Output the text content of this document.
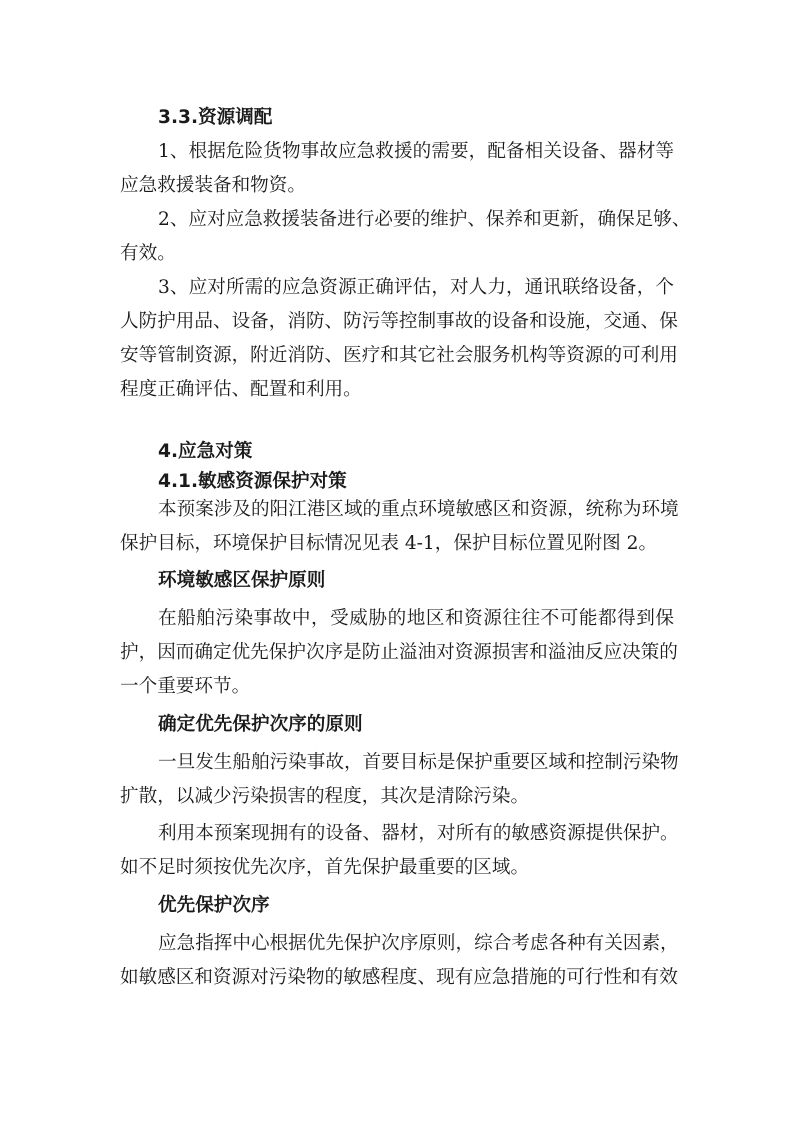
3.3.资源调配
1、根据危险货物事故应急救援的需要，配备相关设备、器材等
应急救援装备和物资。
2、应对应急救援装备进行必要的维护、保养和更新，确保足够、
有效。
3、应对所需的应急资源正确评估，对人力，通讯联络设备，个
人防护用品、设备，消防、防污等控制事故的设备和设施，交通、保
安等管制资源，附近消防、医疗和其它社会服务机构等资源的可利用
程度正确评估、配置和利用。
4.应急对策
4.1.敏感资源保护对策
本预案涉及的阳江港区域的重点环境敏感区和资源，统称为环境
保护目标，环境保护目标情况见表 4-1，保护目标位置见附图 2。
环境敏感区保护原则
在船舶污染事故中，受威胁的地区和资源往往不可能都得到保
护，因而确定优先保护次序是防止溢油对资源损害和溢油反应决策的
一个重要环节。
确定优先保护次序的原则
一旦发生船舶污染事故，首要目标是保护重要区域和控制污染物
扩散，以减少污染损害的程度，其次是清除污染。
利用本预案现拥有的设备、器材，对所有的敏感资源提供保护。
如不足时须按优先次序，首先保护最重要的区域。
优先保护次序
应急指挥中心根据优先保护次序原则，综合考虑各种有关因素，
如敏感区和资源对污染物的敏感程度、现有应急措施的可行性和有效
